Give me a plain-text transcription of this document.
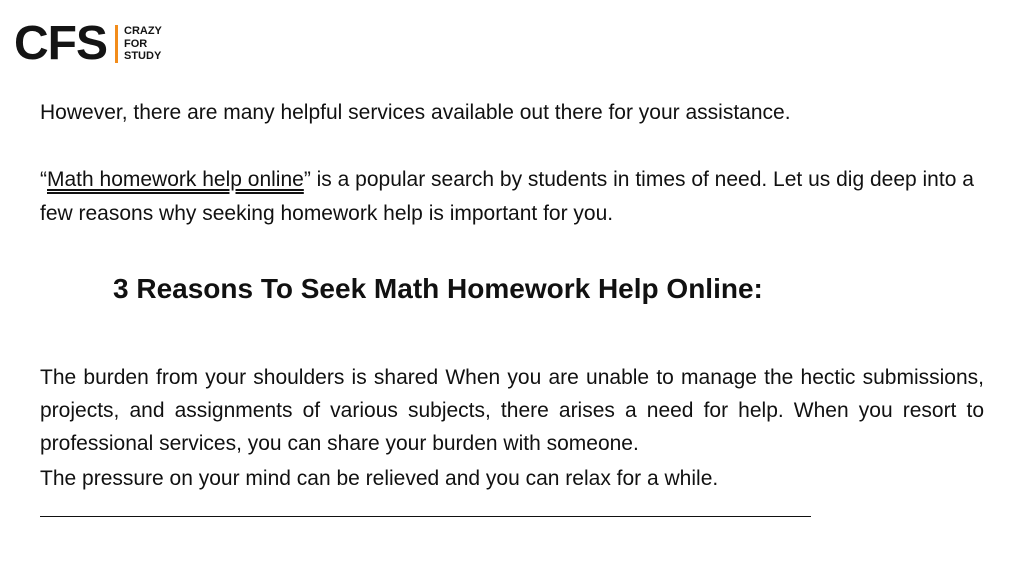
CFS CRAZY
FOR
STUDY

However, there are many helpful services available out there for your assistance.

“Math homework help online” is a popular search by students in times of need. Let us dig deep into a few reasons why seeking homework help is important for you.

3 Reasons To Seek Math Homework Help Online:

The burden from your shoulders is shared When you are unable to manage the hectic submissions, projects, and assignments of various subjects, there arises a need for help. When you resort to professional services, you can share your burden with someone.

The pressure on your mind can be relieved and you can relax for a while.
